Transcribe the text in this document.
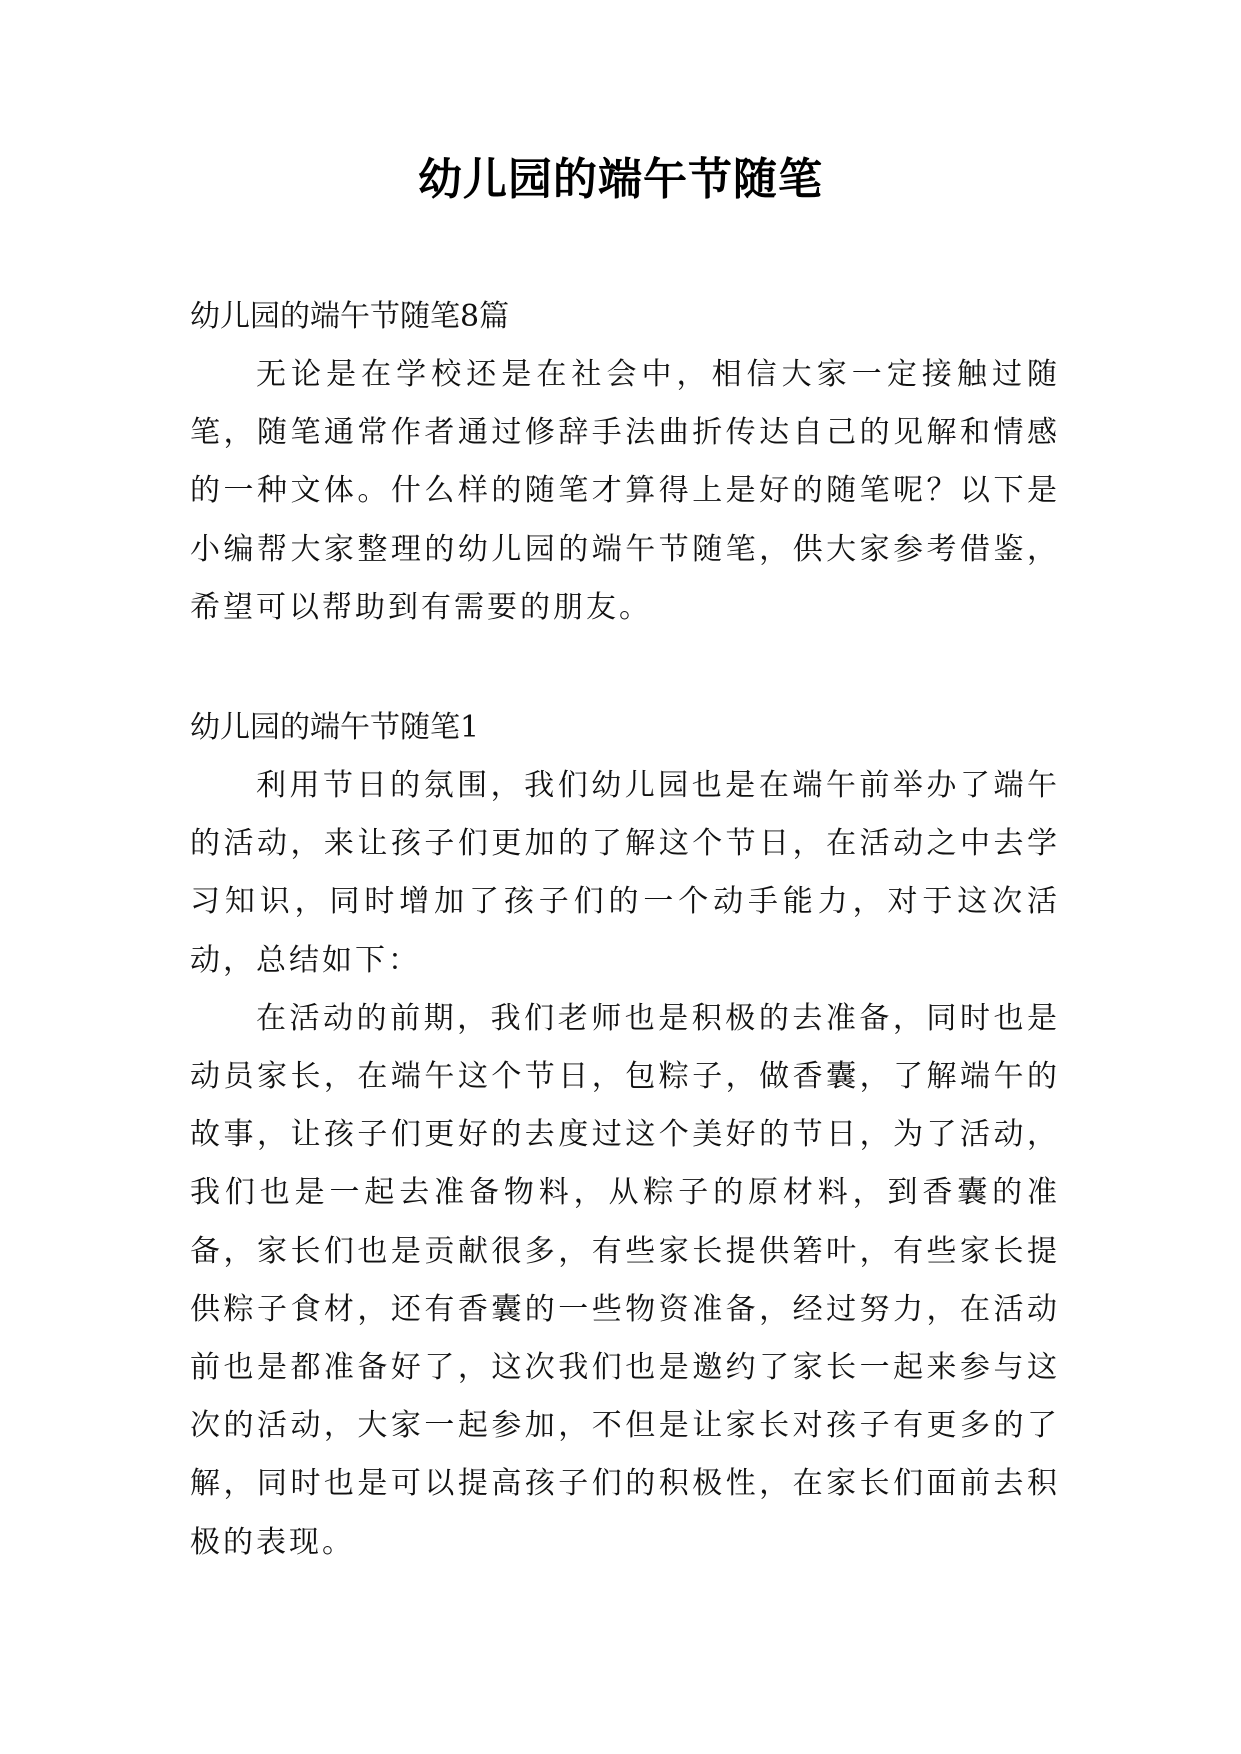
幼儿园的端午节随笔

幼儿园的端午节随笔8篇

无论是在学校还是在社会中，相信大家一定接触过随笔，随笔通常作者通过修辞手法曲折传达自己的见解和情感的一种文体。什么样的随笔才算得上是好的随笔呢？以下是小编帮大家整理的幼儿园的端午节随笔，供大家参考借鉴，希望可以帮助到有需要的朋友。

幼儿园的端午节随笔1

利用节日的氛围，我们幼儿园也是在端午前举办了端午的活动，来让孩子们更加的了解这个节日，在活动之中去学习知识，同时增加了孩子们的一个动手能力，对于这次活动，总结如下：

在活动的前期，我们老师也是积极的去准备，同时也是动员家长，在端午这个节日，包粽子，做香囊，了解端午的故事，让孩子们更好的去度过这个美好的节日，为了活动，我们也是一起去准备物料，从粽子的原材料，到香囊的准备，家长们也是贡献很多，有些家长提供箬叶，有些家长提供粽子食材，还有香囊的一些物资准备，经过努力，在活动前也是都准备好了，这次我们也是邀约了家长一起来参与这次的活动，大家一起参加，不但是让家长对孩子有更多的了解，同时也是可以提高孩子们的积极性，在家长们面前去积极的表现。
